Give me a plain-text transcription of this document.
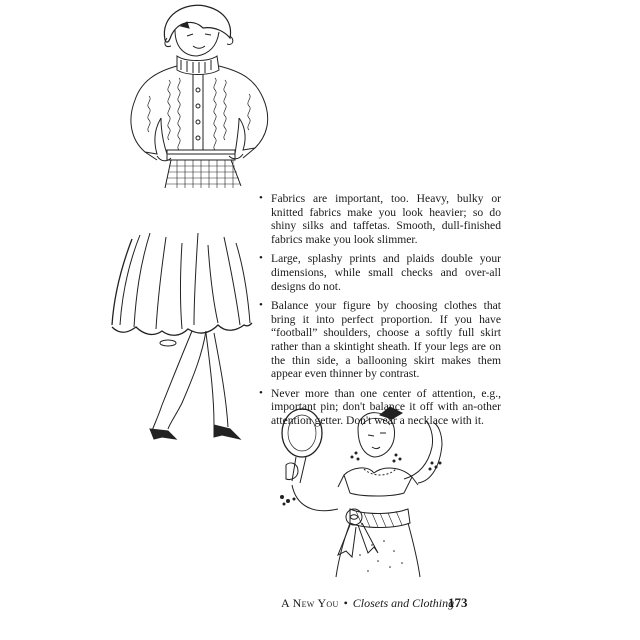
• Fabrics are important, too. Heavy, bulky or knitted fabrics make you look heavier; so do shiny silks and taffetas. Smooth, dull-finished fabrics make you look slimmer.
• Large, splashy prints and plaids double your dimensions, while small checks and over-all designs do not.
• Balance your figure by choosing clothes that bring it into perfect proportion. If you have “football” shoulders, choose a softly full skirt rather than a skintight sheath. If your legs are on the thin side, a ballooning skirt makes them appear even thinner by contrast.
• Never more than one center of attention, e.g., important pin; don't balance it off with an-other attention getter. Don't wear a necklace with it.
A New You • Closets and Clothing
173
